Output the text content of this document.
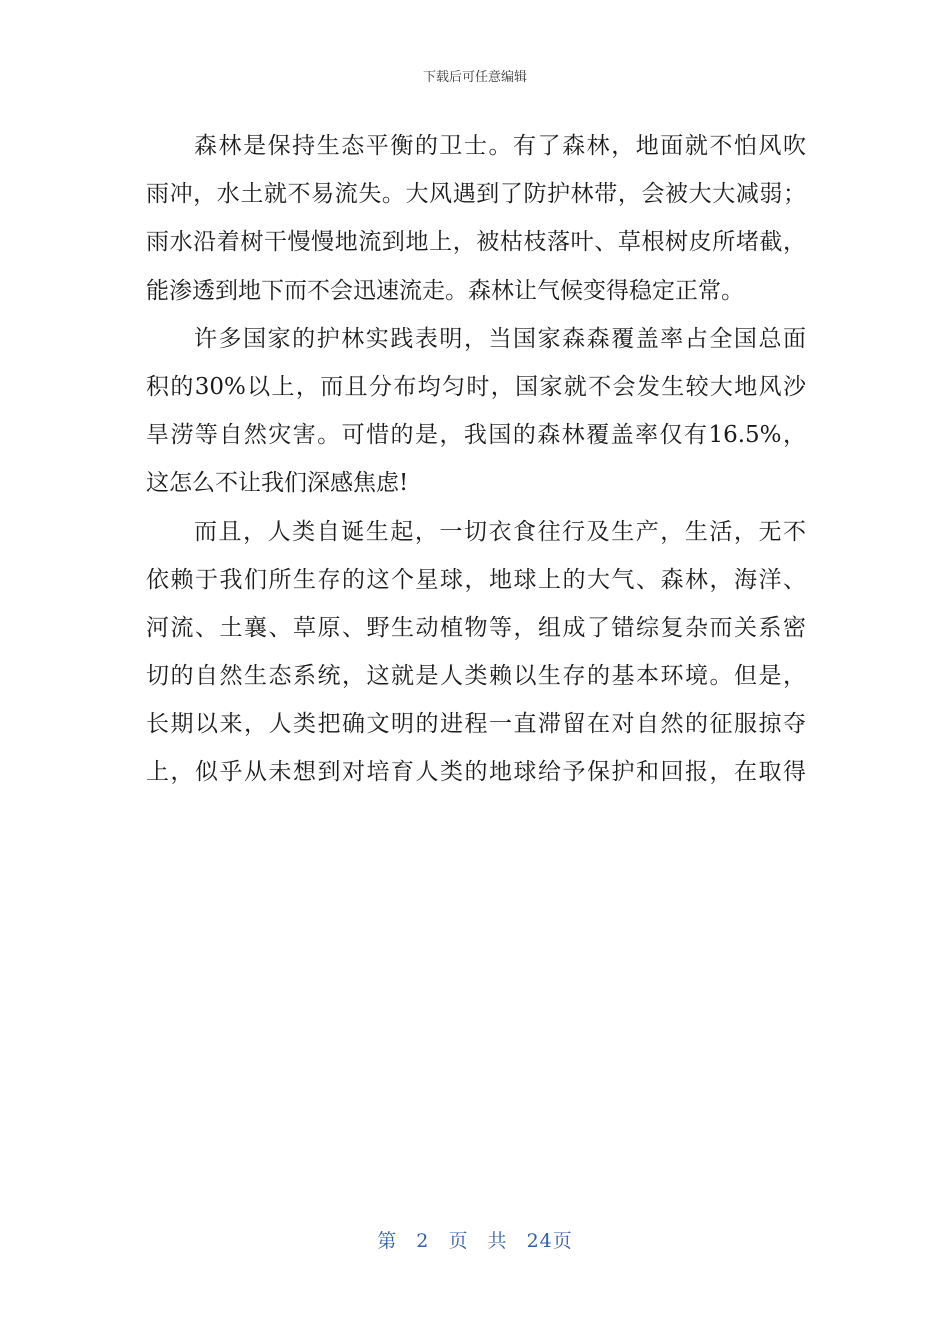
下载后可任意编辑
森林是保持生态平衡的卫士。有了森林，地面就不怕风吹
雨冲，水土就不易流失。大风遇到了防护林带，会被大大减弱；
雨水沿着树干慢慢地流到地上，被枯枝落叶、草根树皮所堵截，
能渗透到地下而不会迅速流走。森林让气候变得稳定正常。
许多国家的护林实践表明，当国家森森覆盖率占全国总面
积的30%以上，而且分布均匀时，国家就不会发生较大地风沙
旱涝等自然灾害。可惜的是，我国的森林覆盖率仅有16.5%，
这怎么不让我们深感焦虑!
而且，人类自诞生起，一切衣食往行及生产，生活，无不
依赖于我们所生存的这个星球，地球上的大气、森林，海洋、
河流、土襄、草原、野生动植物等，组成了错综复杂而关系密
切的自然生态系统，这就是人类赖以生存的基本环境。但是，
长期以来，人类把确文明的进程一直滞留在对自然的征服掠夺
上，似乎从未想到对培育人类的地球给予保护和回报，在取得
第 2 页 共 24页
